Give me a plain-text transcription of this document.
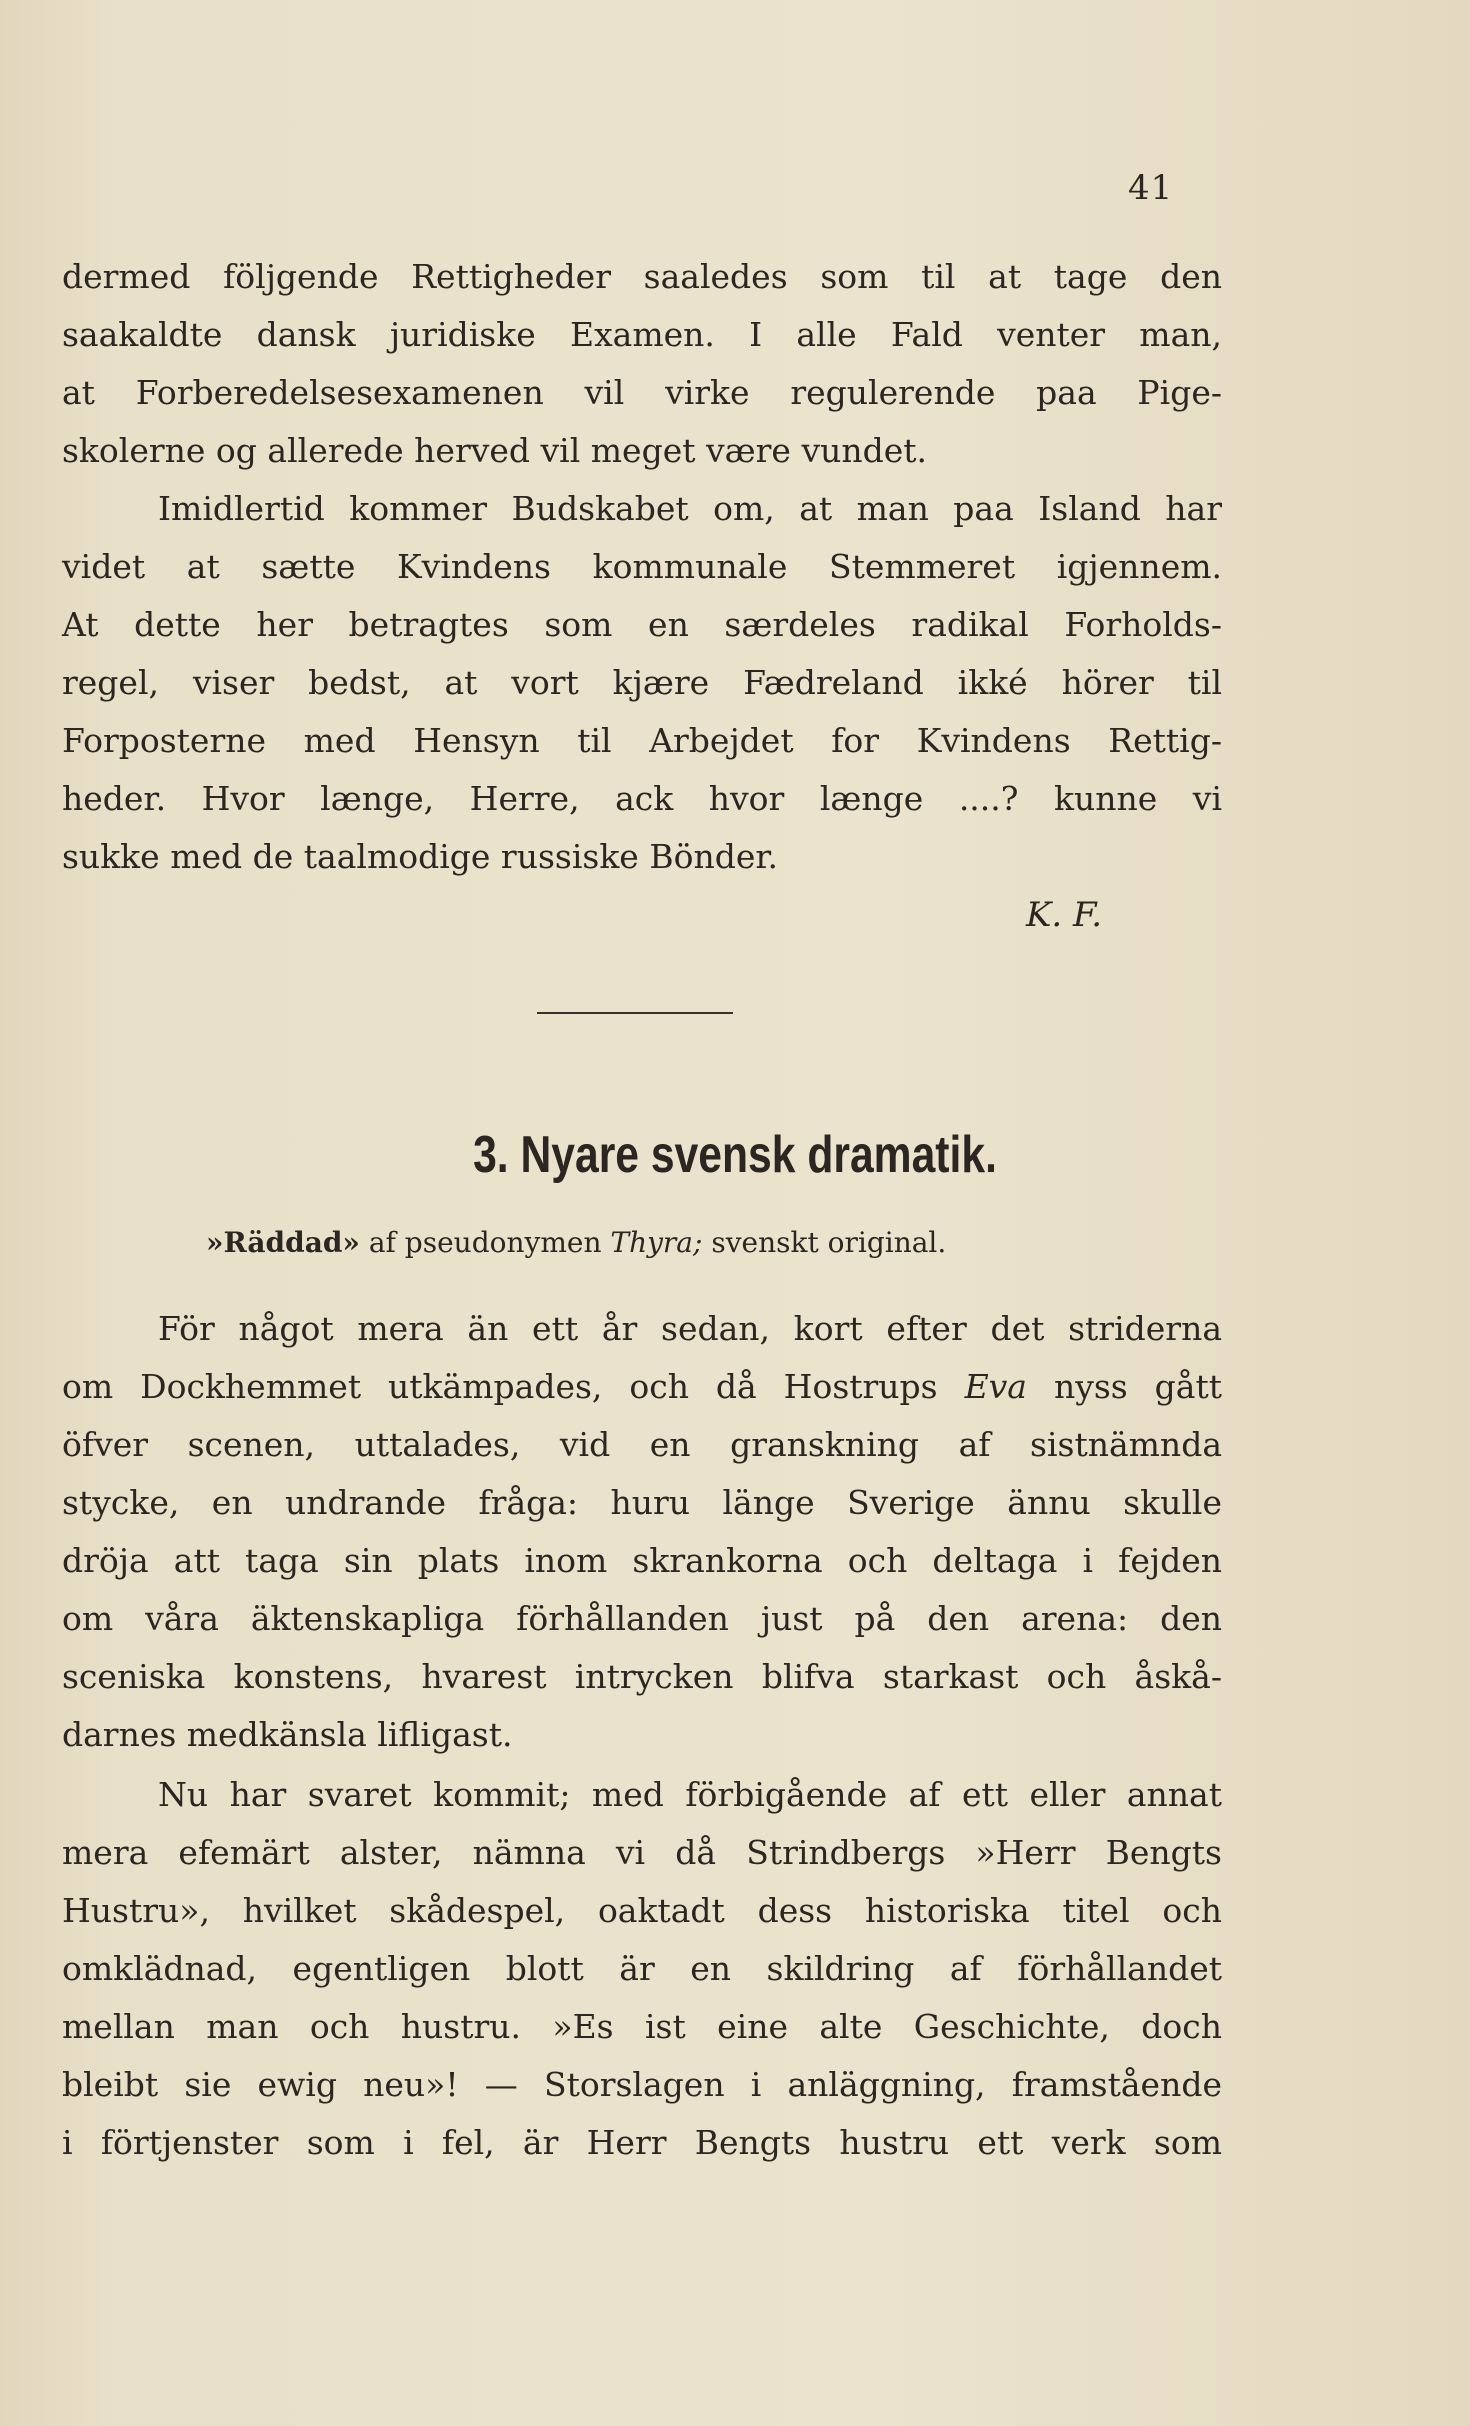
41
dermed följgende Rettigheder saaledes som til at tage den
saakaldte dansk juridiske Examen. I alle Fald venter man,
at Forberedelsesexamenen vil virke regulerende paa Pige-
skolerne og allerede herved vil meget være vundet.
Imidlertid kommer Budskabet om, at man paa Island har
videt at sætte Kvindens kommunale Stemmeret igjennem.
At dette her betragtes som en særdeles radikal Forholds-
regel, viser bedst, at vort kjære Fædreland ikké hörer til
Forposterne med Hensyn til Arbejdet for Kvindens Rettig-
heder. Hvor længe, Herre, ack hvor længe ....? kunne vi
sukke med de taalmodige russiske Bönder.
K. F.
3. Nyare svensk dramatik.
»Räddad» af pseudonymen Thyra; svenskt original.
För något mera än ett år sedan, kort efter det striderna
om Dockhemmet utkämpades, och då Hostrups Eva nyss gått
öfver scenen, uttalades, vid en granskning af sistnämnda
stycke, en undrande fråga: huru länge Sverige ännu skulle
dröja att taga sin plats inom skrankorna och deltaga i fejden
om våra äktenskapliga förhållanden just på den arena: den
sceniska konstens, hvarest intrycken blifva starkast och åskå-
darnes medkänsla lifligast.
Nu har svaret kommit; med förbigående af ett eller annat
mera efemärt alster, nämna vi då Strindbergs »Herr Bengts
Hustru», hvilket skådespel, oaktadt dess historiska titel och
omklädnad, egentligen blott är en skildring af förhållandet
mellan man och hustru. »Es ist eine alte Geschichte, doch
bleibt sie ewig neu»! — Storslagen i anläggning, framstående
i förtjenster som i fel, är Herr Bengts hustru ett verk som
